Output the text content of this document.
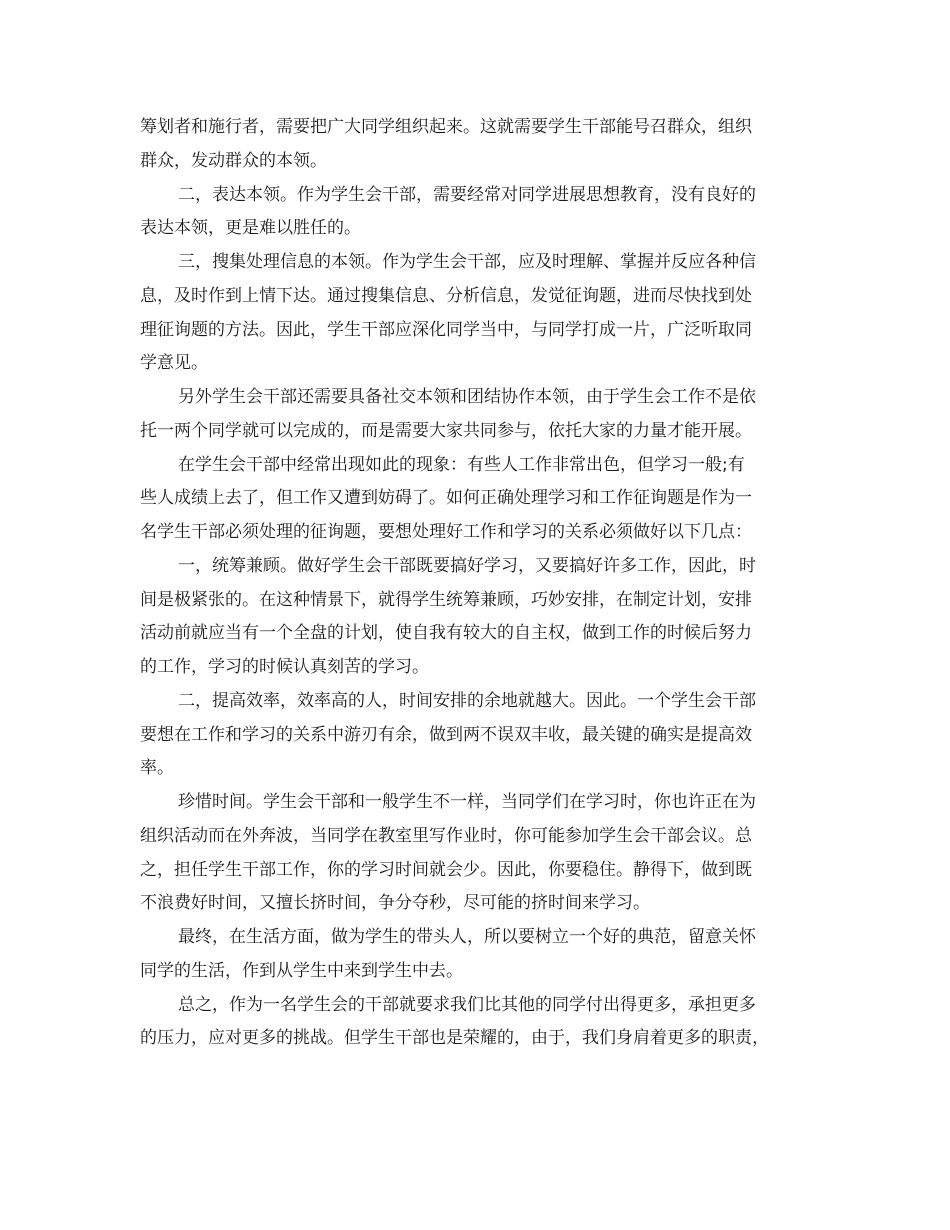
筹划者和施行者，需要把广大同学组织起来。这就需要学生干部能号召群众，组织
群众，发动群众的本领。
二，表达本领。作为学生会干部，需要经常对同学进展思想教育，没有良好的
表达本领，更是难以胜任的。
三，搜集处理信息的本领。作为学生会干部，应及时理解、掌握并反应各种信
息，及时作到上情下达。通过搜集信息、分析信息，发觉征询题，进而尽快找到处
理征询题的方法。因此，学生干部应深化同学当中，与同学打成一片，广泛听取同
学意见。
另外学生会干部还需要具备社交本领和团结协作本领，由于学生会工作不是依
托一两个同学就可以完成的，而是需要大家共同参与，依托大家的力量才能开展。
在学生会干部中经常出现如此的现象：有些人工作非常出色，但学习一般;有
些人成绩上去了，但工作又遭到妨碍了。如何正确处理学习和工作征询题是作为一
名学生干部必须处理的征询题，要想处理好工作和学习的关系必须做好以下几点：
一，统筹兼顾。做好学生会干部既要搞好学习，又要搞好许多工作，因此，时
间是极紧张的。在这种情景下，就得学生统筹兼顾，巧妙安排，在制定计划，安排
活动前就应当有一个全盘的计划，使自我有较大的自主权，做到工作的时候后努力
的工作，学习的时候认真刻苦的学习。
二，提高效率，效率高的人，时间安排的余地就越大。因此。一个学生会干部
要想在工作和学习的关系中游刃有余，做到两不误双丰收，最关键的确实是提高效
率。
珍惜时间。学生会干部和一般学生不一样，当同学们在学习时，你也许正在为
组织活动而在外奔波，当同学在教室里写作业时，你可能参加学生会干部会议。总
之，担任学生干部工作，你的学习时间就会少。因此，你要稳住。静得下，做到既
不浪费好时间，又擅长挤时间，争分夺秒，尽可能的挤时间来学习。
最终，在生活方面，做为学生的带头人，所以要树立一个好的典范，留意关怀
同学的生活，作到从学生中来到学生中去。
总之，作为一名学生会的干部就要求我们比其他的同学付出得更多，承担更多
的压力，应对更多的挑战。但学生干部也是荣耀的，由于，我们身肩着更多的职责，
